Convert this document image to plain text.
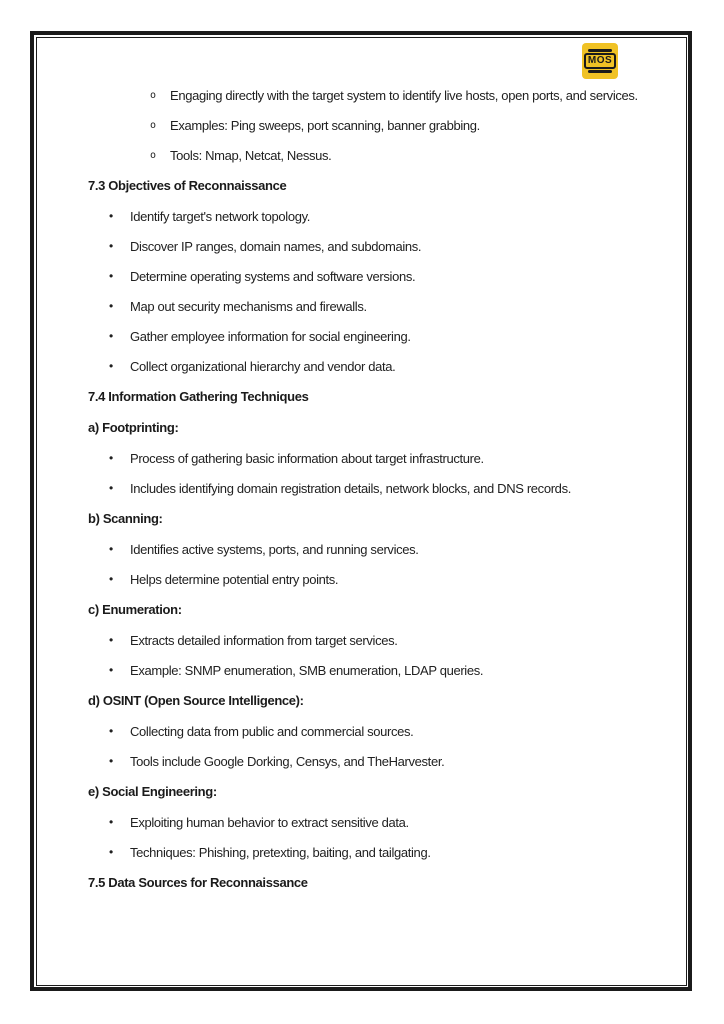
MOS
o	Engaging directly with the target system to identify live hosts, open ports, and services.
o	Examples: Ping sweeps, port scanning, banner grabbing.
o	Tools: Nmap, Netcat, Nessus.
7.3 Objectives of Reconnaissance
•	Identify target's network topology.
•	Discover IP ranges, domain names, and subdomains.
•	Determine operating systems and software versions.
•	Map out security mechanisms and firewalls.
•	Gather employee information for social engineering.
•	Collect organizational hierarchy and vendor data.
7.4 Information Gathering Techniques
a) Footprinting:
•	Process of gathering basic information about target infrastructure.
•	Includes identifying domain registration details, network blocks, and DNS records.
b) Scanning:
•	Identifies active systems, ports, and running services.
•	Helps determine potential entry points.
c) Enumeration:
•	Extracts detailed information from target services.
•	Example: SNMP enumeration, SMB enumeration, LDAP queries.
d) OSINT (Open Source Intelligence):
•	Collecting data from public and commercial sources.
•	Tools include Google Dorking, Censys, and TheHarvester.
e) Social Engineering:
•	Exploiting human behavior to extract sensitive data.
•	Techniques: Phishing, pretexting, baiting, and tailgating.
7.5 Data Sources for Reconnaissance
